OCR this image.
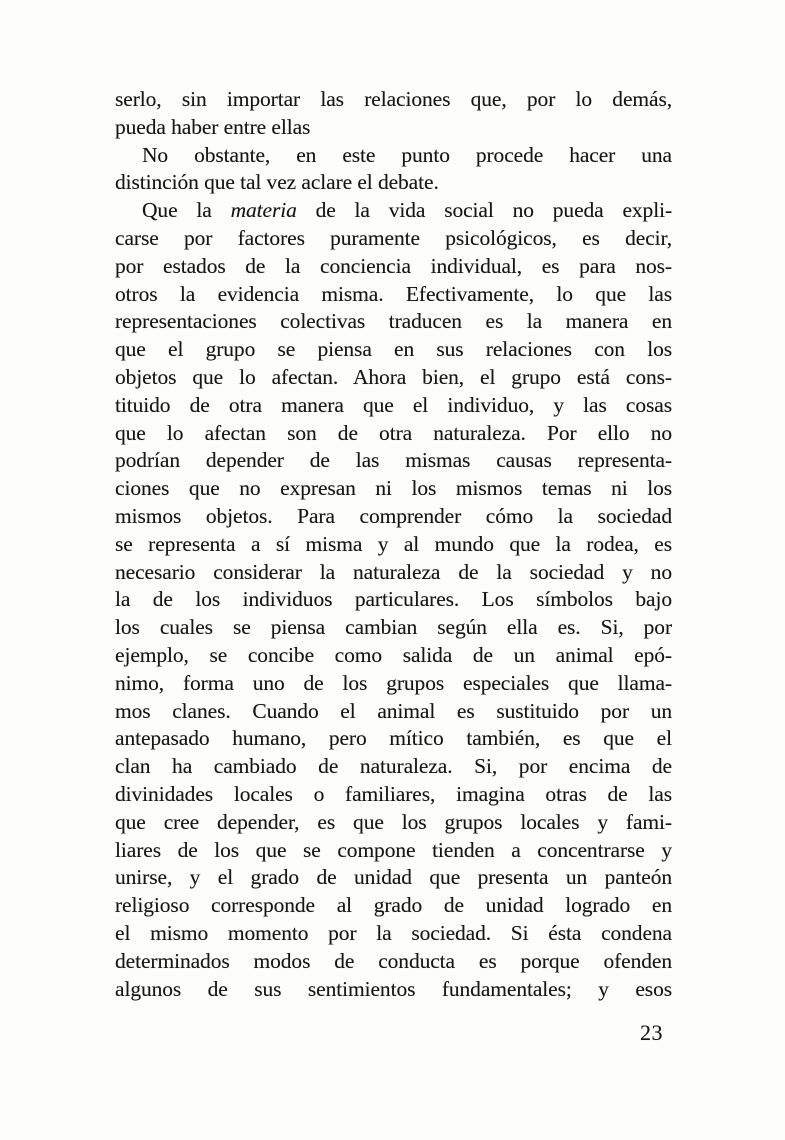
serlo, sin importar las relaciones que, por lo demás,
pueda haber entre ellas
No obstante, en este punto procede hacer una
distinción que tal vez aclare el debate.
Que la materia de la vida social no pueda expli-
carse por factores puramente psicológicos, es decir,
por estados de la conciencia individual, es para nos-
otros la evidencia misma. Efectivamente, lo que las
representaciones colectivas traducen es la manera en
que el grupo se piensa en sus relaciones con los
objetos que lo afectan. Ahora bien, el grupo está cons-
tituido de otra manera que el individuo, y las cosas
que lo afectan son de otra naturaleza. Por ello no
podrían depender de las mismas causas representa-
ciones que no expresan ni los mismos temas ni los
mismos objetos. Para comprender cómo la sociedad
se representa a sí misma y al mundo que la rodea, es
necesario considerar la naturaleza de la sociedad y no
la de los individuos particulares. Los símbolos bajo
los cuales se piensa cambian según ella es. Si, por
ejemplo, se concibe como salida de un animal epó-
nimo, forma uno de los grupos especiales que llama-
mos clanes. Cuando el animal es sustituido por un
antepasado humano, pero mítico también, es que el
clan ha cambiado de naturaleza. Si, por encima de
divinidades locales o familiares, imagina otras de las
que cree depender, es que los grupos locales y fami-
liares de los que se compone tienden a concentrarse y
unirse, y el grado de unidad que presenta un panteón
religioso corresponde al grado de unidad logrado en
el mismo momento por la sociedad. Si ésta condena
determinados modos de conducta es porque ofenden
algunos de sus sentimientos fundamentales; y esos
23
